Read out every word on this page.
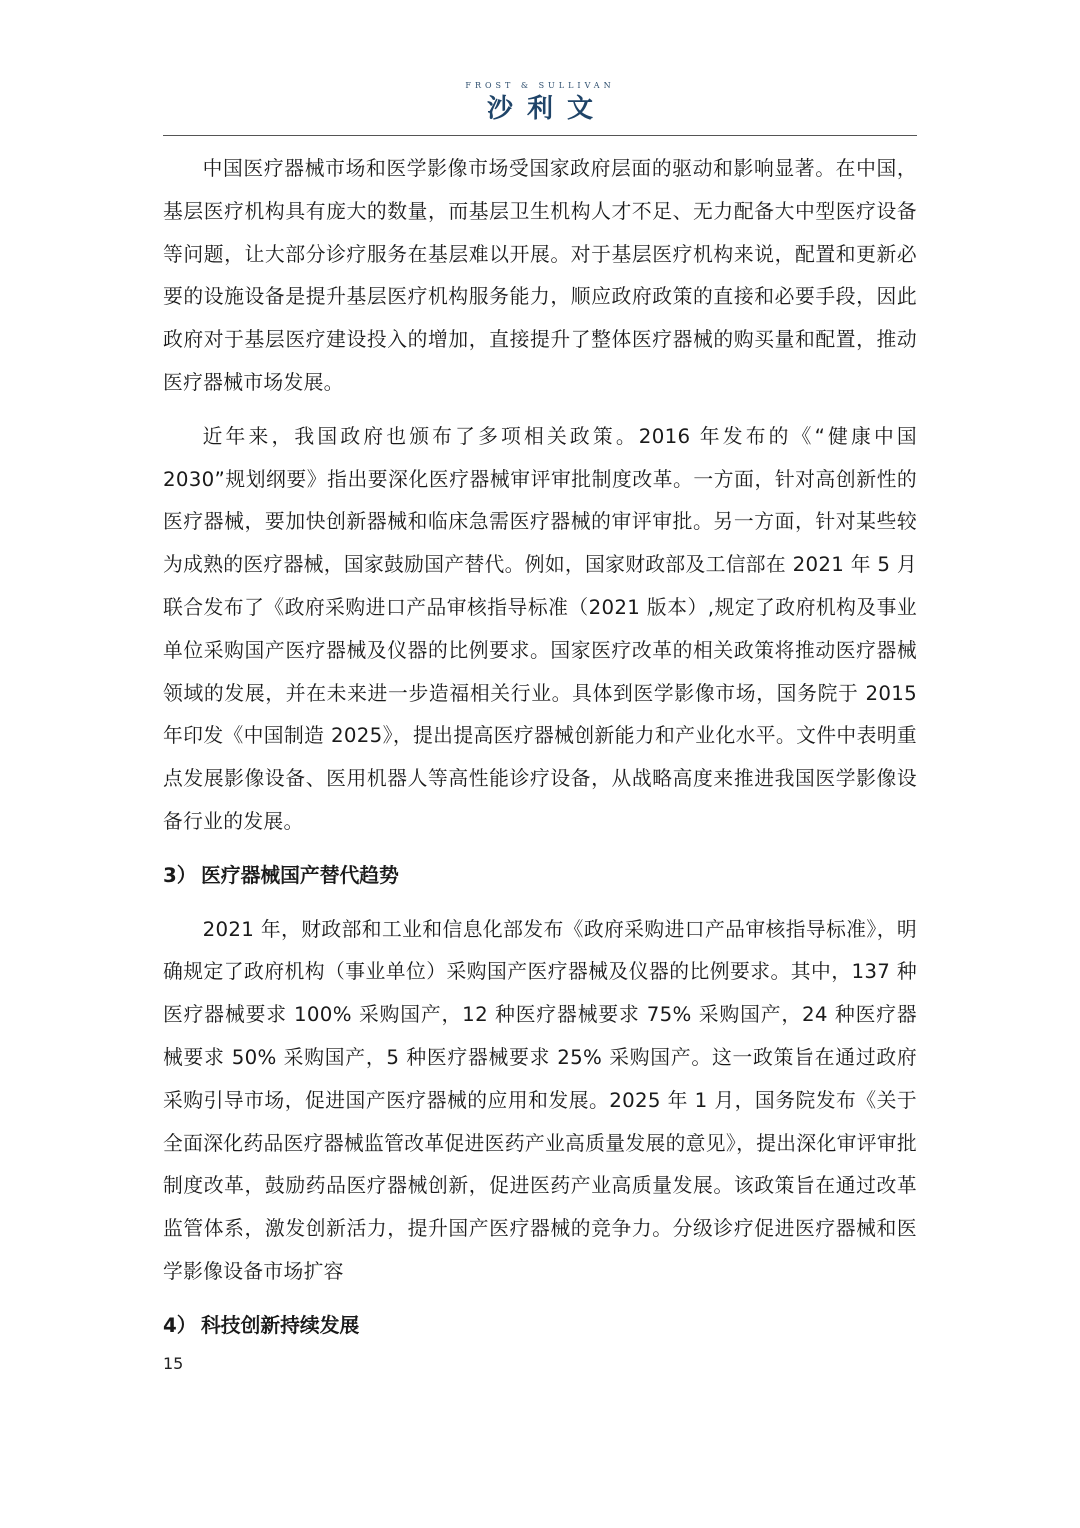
FROST & SULLIVAN
沙利文

中国医疗器械市场和医学影像市场受国家政府层面的驱动和影响显著。在中国，基层医疗机构具有庞大的数量，而基层卫生机构人才不足、无力配备大中型医疗设备等问题，让大部分诊疗服务在基层难以开展。对于基层医疗机构来说，配置和更新必要的设施设备是提升基层医疗机构服务能力，顺应政府政策的直接和必要手段，因此政府对于基层医疗建设投入的增加，直接提升了整体医疗器械的购买量和配置，推动医疗器械市场发展。

近年来，我国政府也颁布了多项相关政策。2016 年发布的《“健康中国 2030”规划纲要》指出要深化医疗器械审评审批制度改革。一方面，针对高创新性的医疗器械，要加快创新器械和临床急需医疗器械的审评审批。另一方面，针对某些较为成熟的医疗器械，国家鼓励国产替代。例如，国家财政部及工信部在 2021 年 5 月联合发布了《政府采购进口产品审核指导标准（2021 版本）,规定了政府机构及事业单位采购国产医疗器械及仪器的比例要求。国家医疗改革的相关政策将推动医疗器械领域的发展，并在未来进一步造福相关行业。具体到医学影像市场，国务院于 2015 年印发《中国制造 2025》，提出提高医疗器械创新能力和产业化水平。文件中表明重点发展影像设备、医用机器人等高性能诊疗设备，从战略高度来推进我国医学影像设备行业的发展。

3） 医疗器械国产替代趋势

2021 年，财政部和工业和信息化部发布《政府采购进口产品审核指导标准》，明确规定了政府机构（事业单位）采购国产医疗器械及仪器的比例要求。其中，137 种医疗器械要求 100% 采购国产，12 种医疗器械要求 75% 采购国产，24 种医疗器械要求 50% 采购国产，5 种医疗器械要求 25% 采购国产。这一政策旨在通过政府采购引导市场，促进国产医疗器械的应用和发展。2025 年 1 月，国务院发布《关于全面深化药品医疗器械监管改革促进医药产业高质量发展的意见》，提出深化审评审批制度改革，鼓励药品医疗器械创新，促进医药产业高质量发展。该政策旨在通过改革监管体系，激发创新活力，提升国产医疗器械的竞争力。分级诊疗促进医疗器械和医学影像设备市场扩容

4） 科技创新持续发展
15
